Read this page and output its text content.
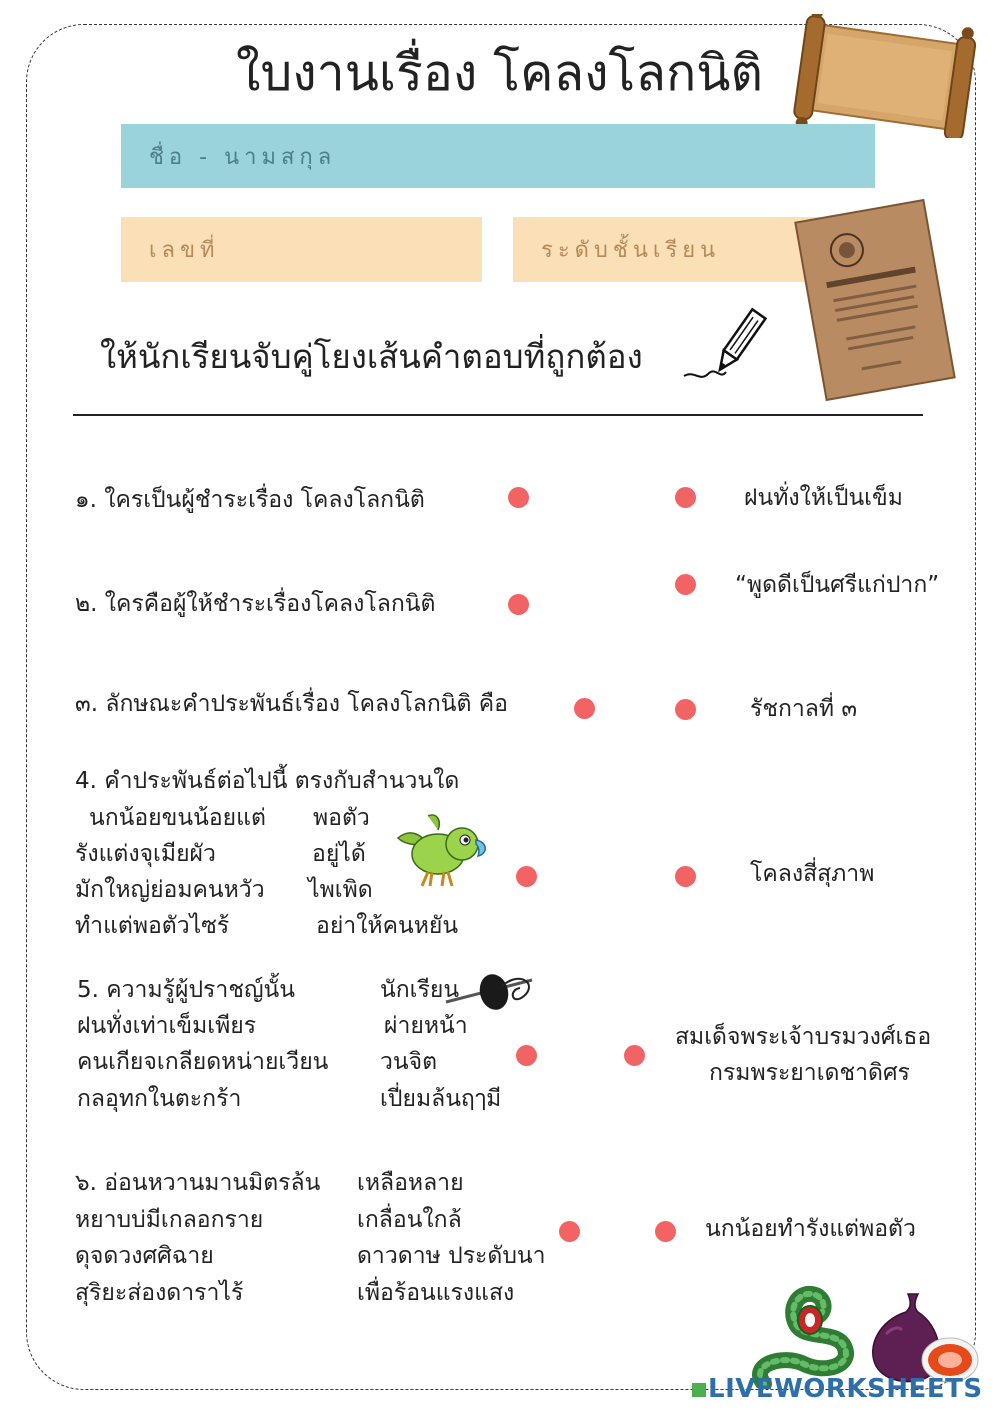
ใบงานเรื่อง โคลงโลกนิติ
ชื่อ - นามสกุล
เลขที่	ระดับชั้นเรียน
ให้นักเรียนจับคู่โยงเส้นคำตอบที่ถูกต้อง
๑. ใครเป็นผู้ชำระเรื่อง โคลงโลกนิติ
๒. ใครคือผู้ให้ชำระเรื่องโคลงโลกนิติ
๓. ลักษณะคำประพันธ์เรื่อง โคลงโลกนิติ คือ
4. คำประพันธ์ต่อไปนี้ ตรงกับสำนวนใด
นกน้อยขนน้อยแต่ พอตัว
รังแต่งจุเมียผัว	อยู่ได้
มักใหญ่ย่อมคนหวัว ไพเพิด
ทำแต่พอตัวไซร้	อย่าให้คนหยัน
5. ความรู้ผู้ปราชญ์นั้น	นักเรียน
ฝนทั่งเท่าเข็มเพียร	ผ่ายหน้า
คนเกียจเกลียดหน่ายเวียน วนจิต
กลอุทกในตะกร้า	เปี่ยมล้นฤๅมี
๖. อ่อนหวานมานมิตรล้น เหลือหลาย
หยาบบ่มีเกลอกราย	เกลื่อนใกล้
ดุจดวงศศิฉาย	ดาวดาษ ประดับนา
สุริยะส่องดาราไร้	เพื่อร้อนแรงแสง
ฝนทั่งให้เป็นเข็ม
“พูดดีเป็นศรีแก่ปาก”
รัชกาลที่ ๓
โคลงสี่สุภาพ
สมเด็จพระเจ้าบรมวงศ์เธอ
กรมพระยาเดชาดิศร
นกน้อยทำรังแต่พอตัว
LIVEWORKSHEETS
